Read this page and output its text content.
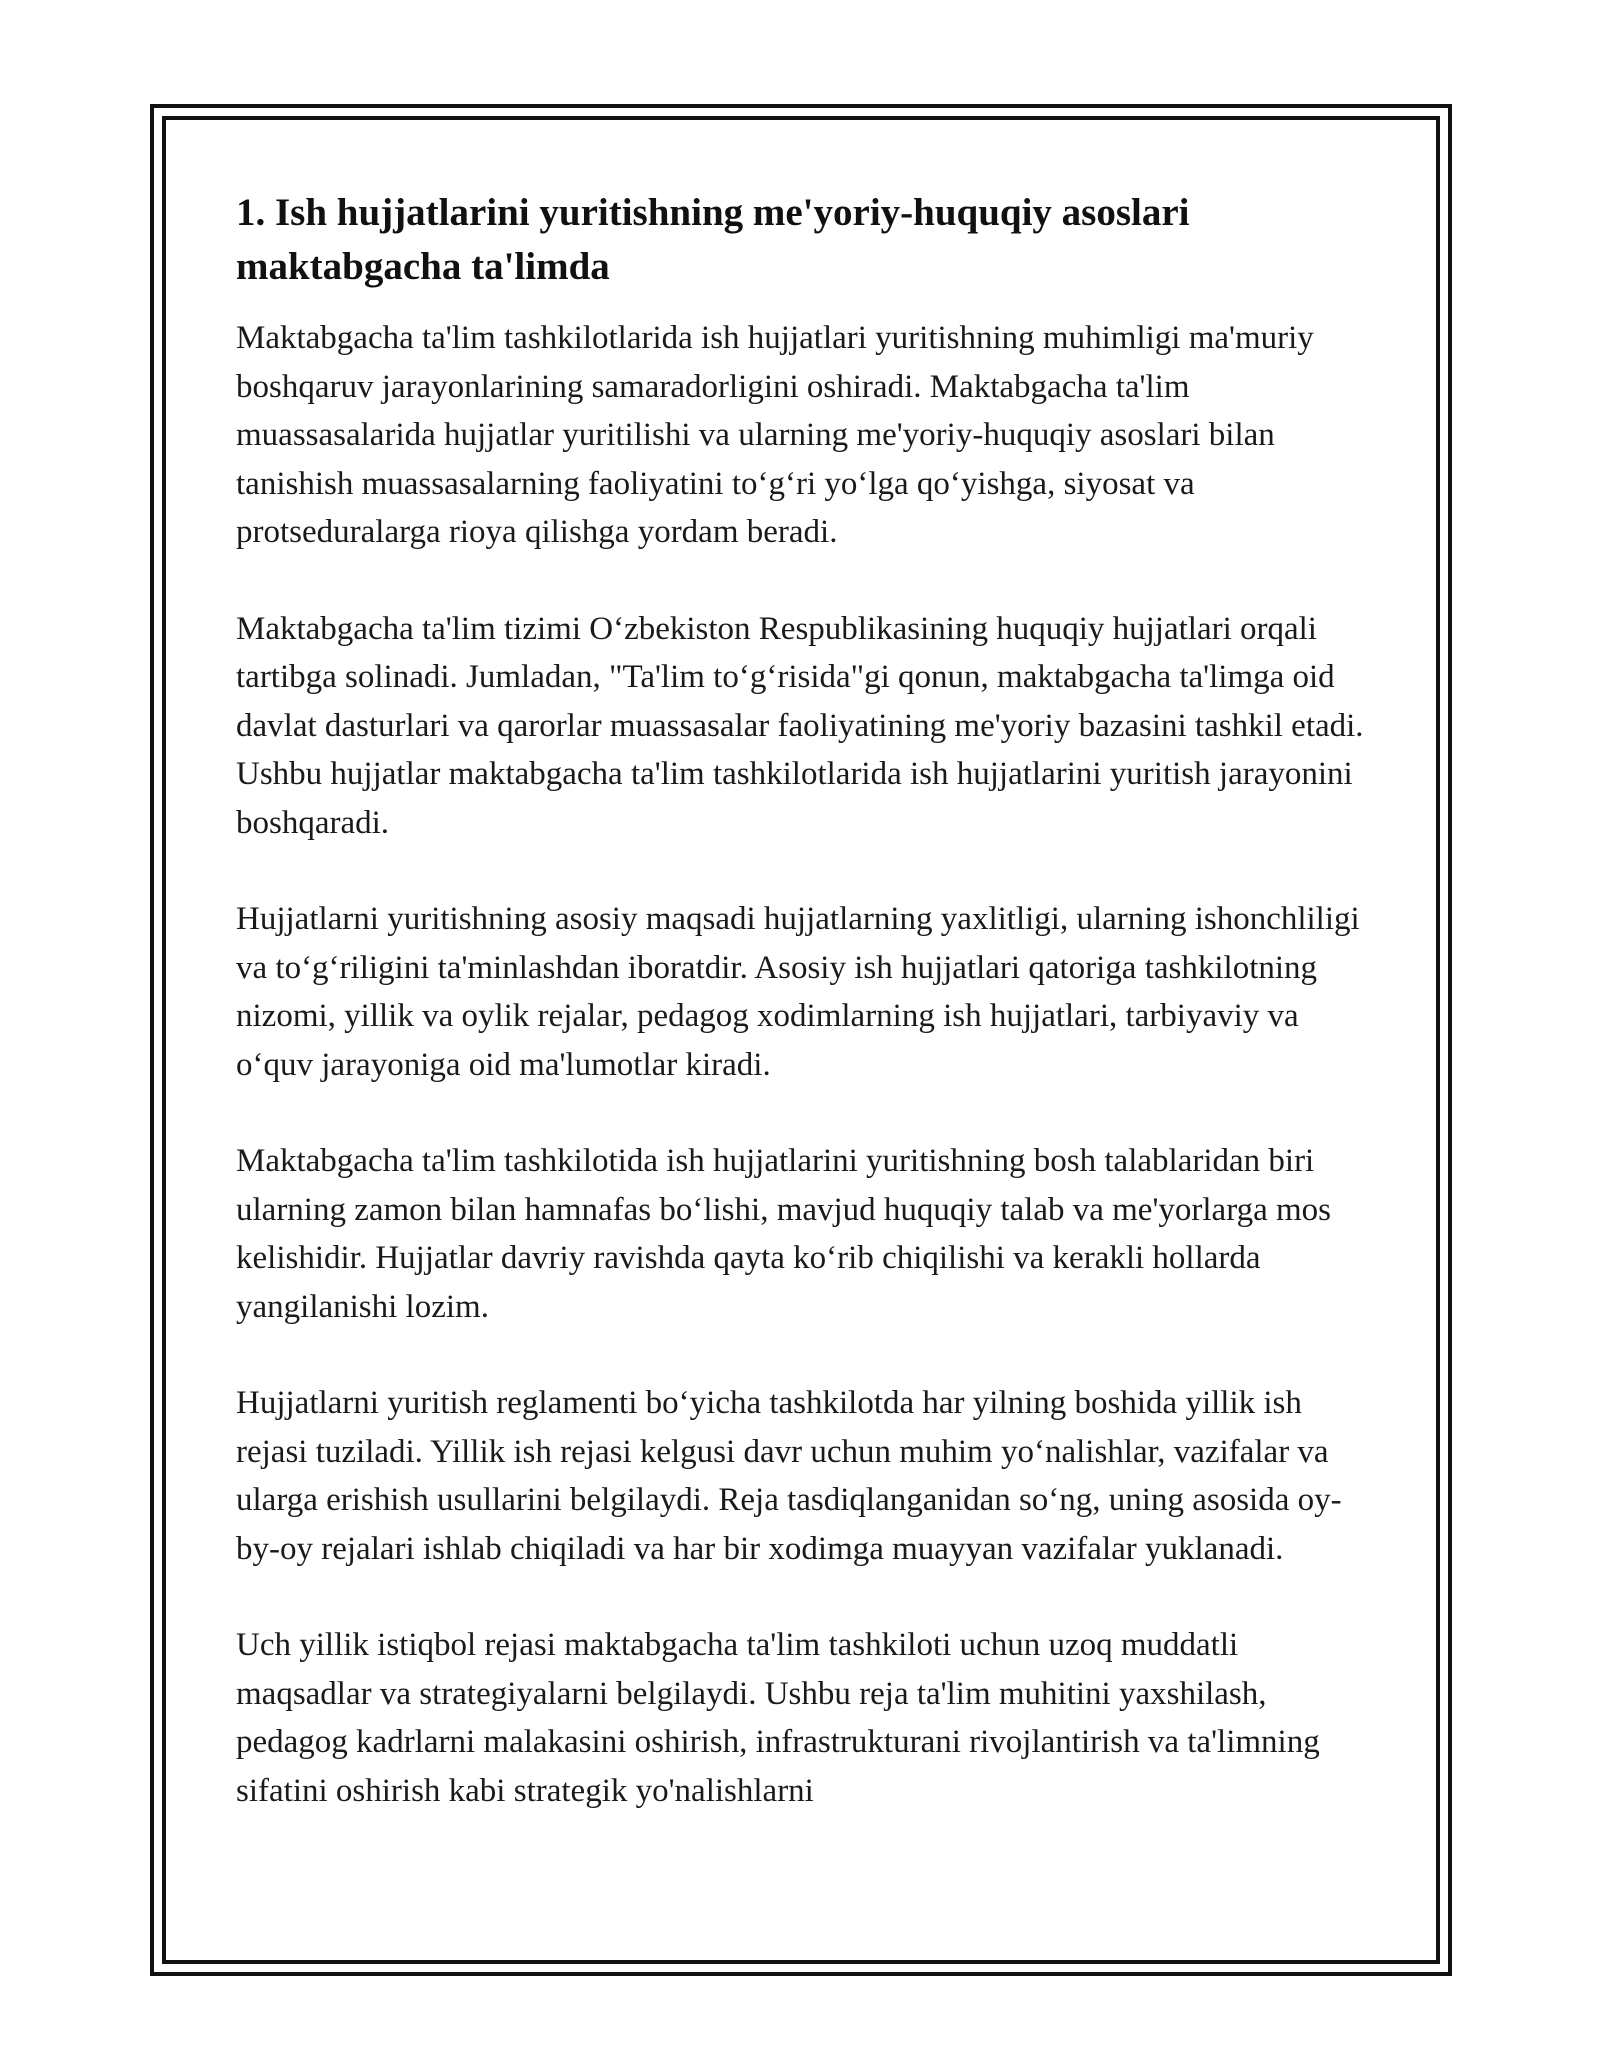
1. Ish hujjatlarini yuritishning me'yoriy-huquqiy asoslari maktabgacha ta'limda

Maktabgacha ta'lim tashkilotlarida ish hujjatlari yuritishning muhimligi ma'muriy boshqaruv jarayonlarining samaradorligini oshiradi. Maktabgacha ta'lim muassasalarida hujjatlar yuritilishi va ularning me'yoriy-huquqiy asoslari bilan tanishish muassasalarning faoliyatini to‘g‘ri yo‘lga qo‘yishga, siyosat va protseduralarga rioya qilishga yordam beradi.

Maktabgacha ta'lim tizimi O‘zbekiston Respublikasining huquqiy hujjatlari orqali tartibga solinadi. Jumladan, "Ta'lim to‘g‘risida"gi qonun, maktabgacha ta'limga oid davlat dasturlari va qarorlar muassasalar faoliyatining me'yoriy bazasini tashkil etadi. Ushbu hujjatlar maktabgacha ta'lim tashkilotlarida ish hujjatlarini yuritish jarayonini boshqaradi.

Hujjatlarni yuritishning asosiy maqsadi hujjatlarning yaxlitligi, ularning ishonchliligi va to‘g‘riligini ta'minlashdan iboratdir. Asosiy ish hujjatlari qatoriga tashkilotning nizomi, yillik va oylik rejalar, pedagog xodimlarning ish hujjatlari, tarbiyaviy va o‘quv jarayoniga oid ma'lumotlar kiradi.

Maktabgacha ta'lim tashkilotida ish hujjatlarini yuritishning bosh talablaridan biri ularning zamon bilan hamnafas bo‘lishi, mavjud huquqiy talab va me'yorlarga mos kelishidir. Hujjatlar davriy ravishda qayta ko‘rib chiqilishi va kerakli hollarda yangilanishi lozim.

Hujjatlarni yuritish reglamenti bo‘yicha tashkilotda har yilning boshida yillik ish rejasi tuziladi. Yillik ish rejasi kelgusi davr uchun muhim yo‘nalishlar, vazifalar va ularga erishish usullarini belgilaydi. Reja tasdiqlanganidan so‘ng, uning asosida oy-by-oy rejalari ishlab chiqiladi va har bir xodimga muayyan vazifalar yuklanadi.

Uch yillik istiqbol rejasi maktabgacha ta'lim tashkiloti uchun uzoq muddatli maqsadlar va strategiyalarni belgilaydi. Ushbu reja ta'lim muhitini yaxshilash, pedagog kadrlarni malakasini oshirish, infrastrukturani rivojlantirish va ta'limning sifatini oshirish kabi strategik yo'nalishlarni
